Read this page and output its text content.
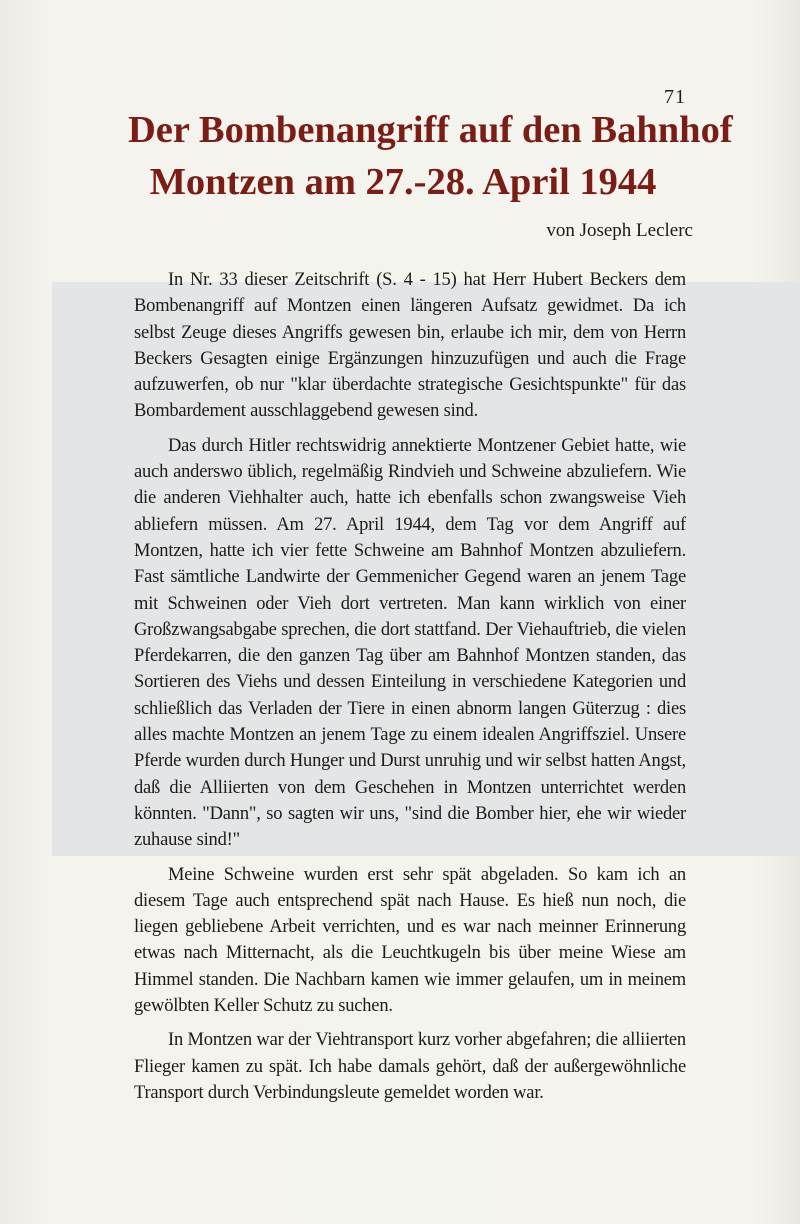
71
Der Bombenangriff auf den Bahnhof
Montzen am 27.-28. April 1944
von Joseph Leclerc

In Nr. 33 dieser Zeitschrift (S. 4 - 15) hat Herr Hubert Beckers dem Bombenangriff auf Montzen einen längeren Aufsatz gewidmet. Da ich selbst Zeuge dieses Angriffs gewesen bin, erlaube ich mir, dem von Herrn Beckers Gesagten einige Ergänzungen hinzuzufügen und auch die Frage aufzuwerfen, ob nur "klar überdachte strategische Gesichtspunkte" für das Bombardement ausschlaggebend gewesen sind.

Das durch Hitler rechtswidrig annektierte Montzener Gebiet hatte, wie auch anderswo üblich, regelmäßig Rindvieh und Schweine abzuliefern. Wie die anderen Viehhalter auch, hatte ich ebenfalls schon zwangsweise Vieh abliefern müssen. Am 27. April 1944, dem Tag vor dem Angriff auf Montzen, hatte ich vier fette Schweine am Bahnhof Montzen abzuliefern. Fast sämtliche Landwirte der Gemmenicher Gegend waren an jenem Tage mit Schweinen oder Vieh dort vertreten. Man kann wirklich von einer Großzwangsabgabe sprechen, die dort stattfand. Der Viehauftrieb, die vielen Pferdekarren, die den ganzen Tag über am Bahnhof Montzen standen, das Sortieren des Viehs und dessen Einteilung in verschiedene Kategorien und schließlich das Verladen der Tiere in einen abnorm langen Güterzug : dies alles machte Montzen an jenem Tage zu einem idealen Angriffsziel. Unsere Pferde wurden durch Hunger und Durst unruhig und wir selbst hatten Angst, daß die Alliierten von dem Geschehen in Montzen unterrichtet werden könnten. "Dann", so sagten wir uns, "sind die Bomber hier, ehe wir wieder zuhause sind!"

Meine Schweine wurden erst sehr spät abgeladen. So kam ich an diesem Tage auch entsprechend spät nach Hause. Es hieß nun noch, die liegen gebliebene Arbeit verrichten, und es war nach meinner Erinnerung etwas nach Mitternacht, als die Leuchtkugeln bis über meine Wiese am Himmel standen. Die Nachbarn kamen wie immer gelaufen, um in meinem gewölbten Keller Schutz zu suchen.

In Montzen war der Viehtransport kurz vorher abgefahren; die alliierten Flieger kamen zu spät. Ich habe damals gehört, daß der außergewöhnliche Transport durch Verbindungsleute gemeldet worden war.
